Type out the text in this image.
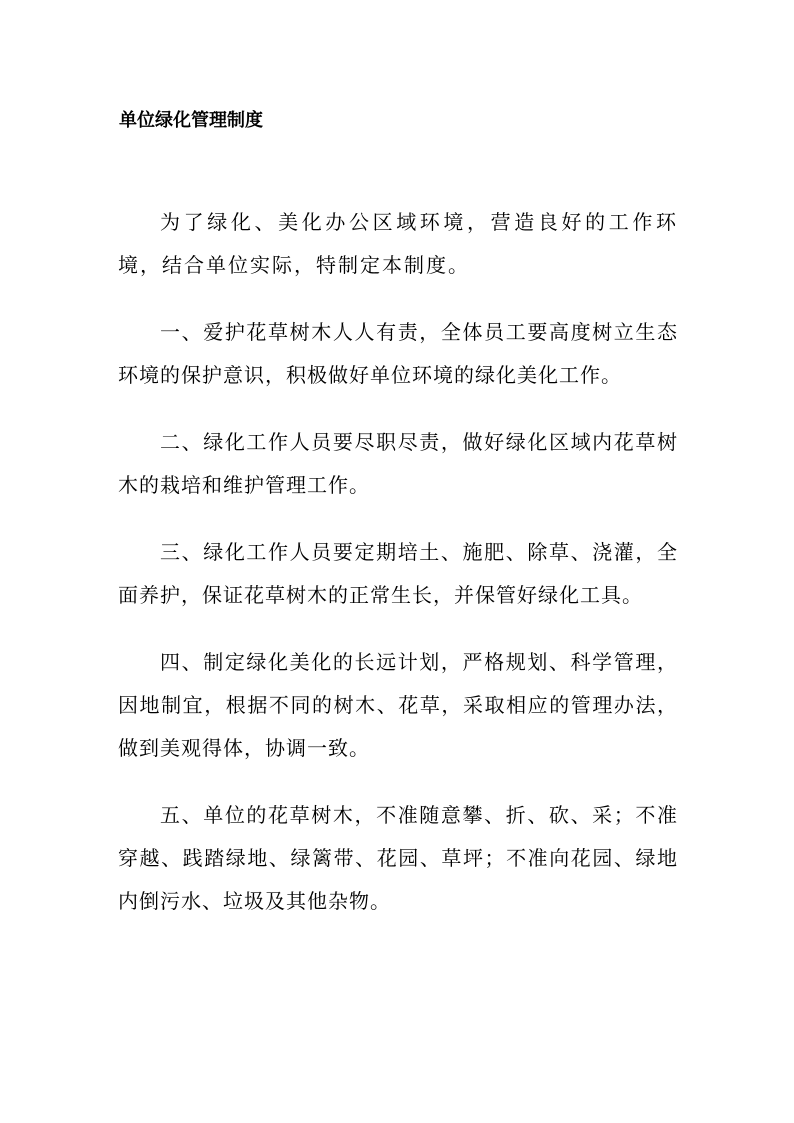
单位绿化管理制度

为了绿化、美化办公区域环境，营造良好的工作环境，结合单位实际，特制定本制度。

一、爱护花草树木人人有责，全体员工要高度树立生态环境的保护意识，积极做好单位环境的绿化美化工作。

二、绿化工作人员要尽职尽责，做好绿化区域内花草树木的栽培和维护管理工作。

三、绿化工作人员要定期培土、施肥、除草、浇灌，全面养护，保证花草树木的正常生长，并保管好绿化工具。

四、制定绿化美化的长远计划，严格规划、科学管理，因地制宜，根据不同的树木、花草，采取相应的管理办法，做到美观得体，协调一致。

五、单位的花草树木，不准随意攀、折、砍、采；不准穿越、践踏绿地、绿篱带、花园、草坪；不准向花园、绿地内倒污水、垃圾及其他杂物。
